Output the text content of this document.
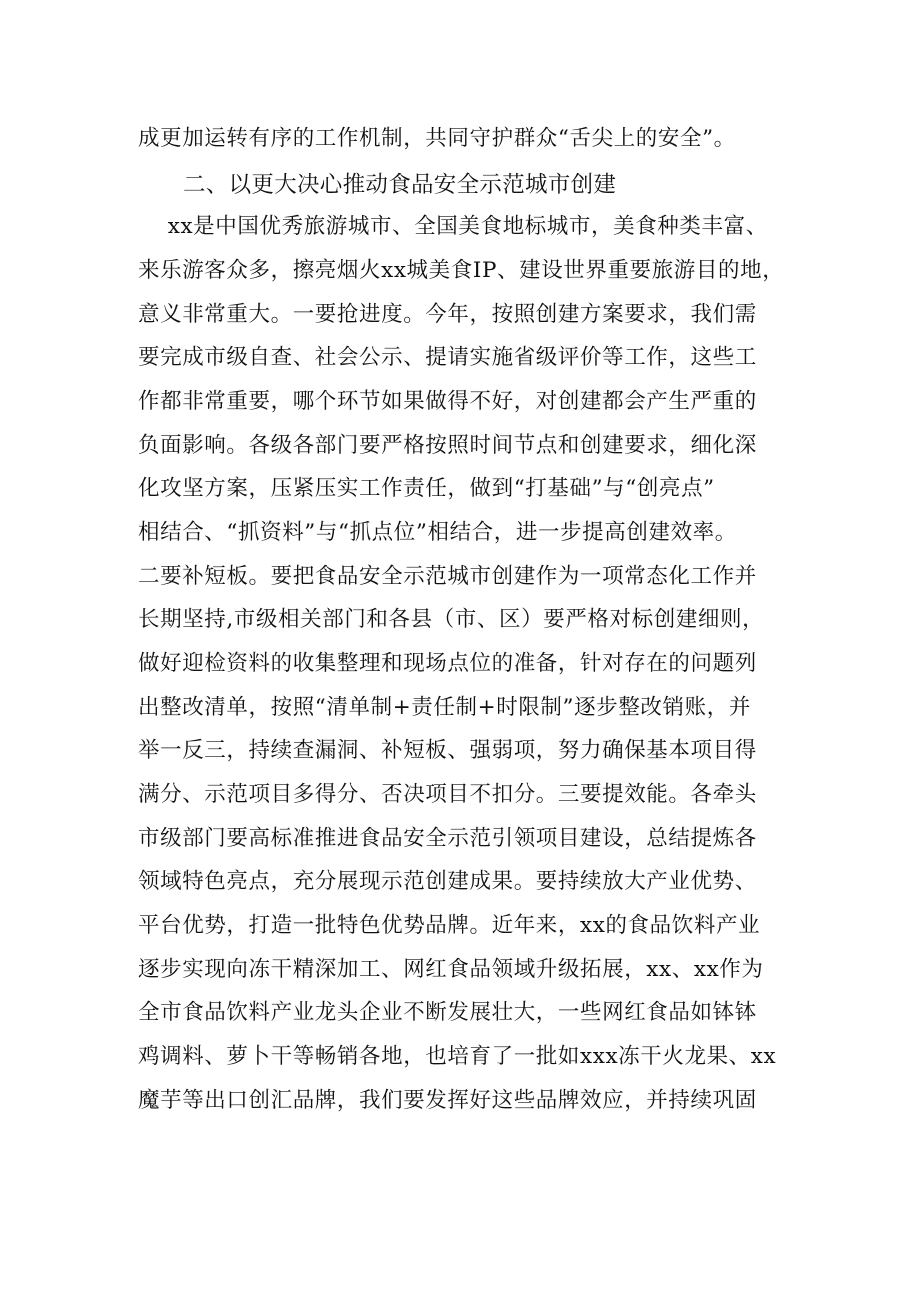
成更加运转有序的工作机制，共同守护群众“舌尖上的安全”。
二、以更大决心推动食品安全示范城市创建
xx是中国优秀旅游城市、全国美食地标城市，美食种类丰富、
来乐游客众多，擦亮烟火xx城美食IP、建设世界重要旅游目的地，
意义非常重大。一要抢进度。今年，按照创建方案要求，我们需
要完成市级自查、社会公示、提请实施省级评价等工作，这些工
作都非常重要，哪个环节如果做得不好，对创建都会产生严重的
负面影响。各级各部门要严格按照时间节点和创建要求，细化深
化攻坚方案，压紧压实工作责任，做到“打基础”与“创亮点”
相结合、“抓资料”与“抓点位”相结合，进一步提高创建效率。
二要补短板。要把食品安全示范城市创建作为一项常态化工作并
长期坚持,市级相关部门和各县（市、区）要严格对标创建细则，
做好迎检资料的收集整理和现场点位的准备，针对存在的问题列
出整改清单，按照“清单制+责任制+时限制”逐步整改销账，并
举一反三，持续查漏洞、补短板、强弱项，努力确保基本项目得
满分、示范项目多得分、否决项目不扣分。三要提效能。各牵头
市级部门要高标准推进食品安全示范引领项目建设，总结提炼各
领域特色亮点，充分展现示范创建成果。要持续放大产业优势、
平台优势，打造一批特色优势品牌。近年来，xx的食品饮料产业
逐步实现向冻干精深加工、网红食品领域升级拓展，xx、xx作为
全市食品饮料产业龙头企业不断发展壮大，一些网红食品如钵钵
鸡调料、萝卜干等畅销各地，也培育了一批如xxx冻干火龙果、xx
魔芋等出口创汇品牌，我们要发挥好这些品牌效应，并持续巩固
